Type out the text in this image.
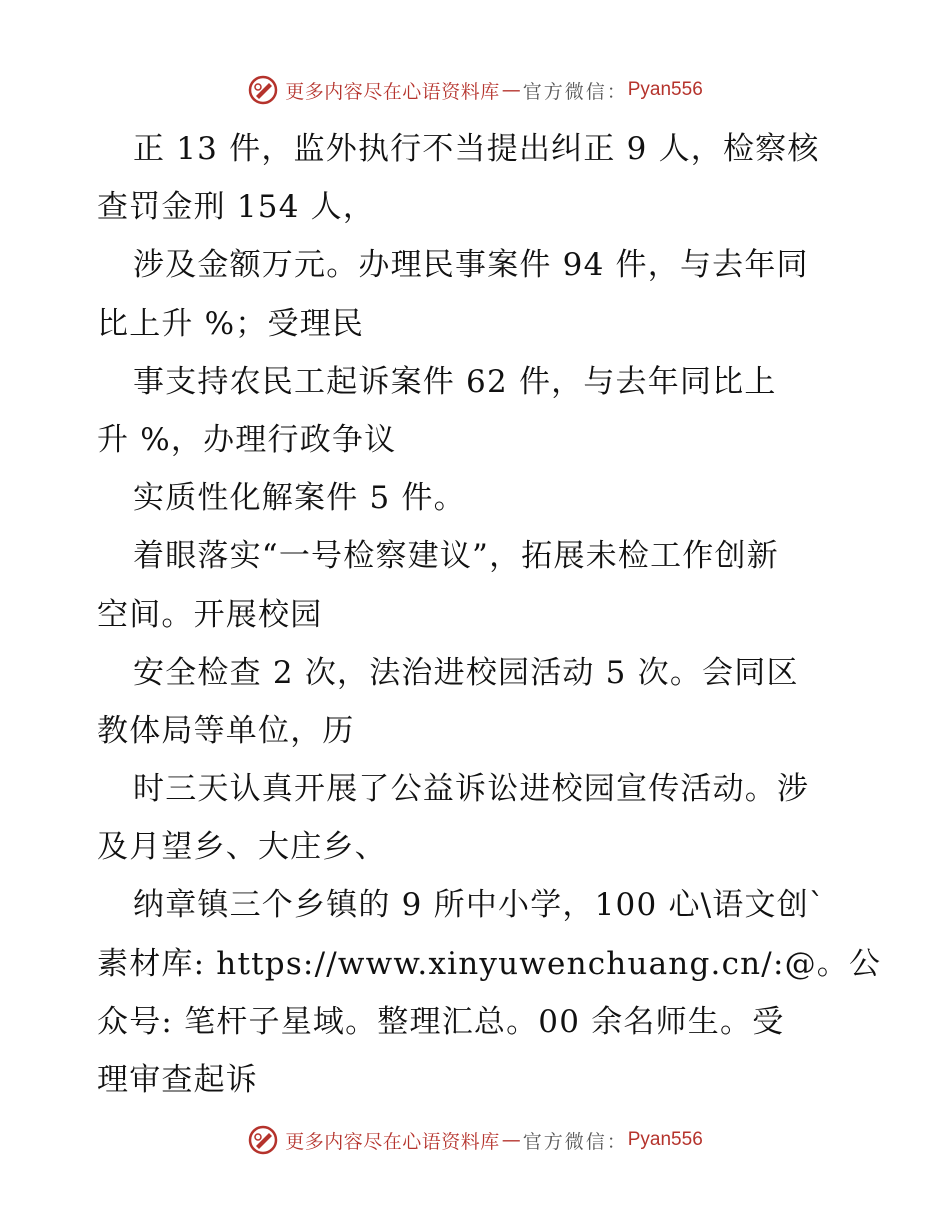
更多内容尽在心语资料库 — 官方微信： Pyan556
正 13 件，监外执行不当提出纠正 9 人，检察核
查罚金刑 154 人，
涉及金额万元。办理民事案件 94 件，与去年同
比上升 %；受理民
事支持农民工起诉案件 62 件，与去年同比上
升 %，办理行政争议
实质性化解案件 5 件。
着眼落实“一号检察建议”，拓展未检工作创新
空间。开展校园
安全检查 2 次，法治进校园活动 5 次。会同区
教体局等单位，历
时三天认真开展了公益诉讼进校园宣传活动。涉
及月望乡、大庄乡、
纳章镇三个乡镇的 9 所中小学，100 心\语文创`
素材库: https://www.xinyuwenchuang.cn/:@。公
众号: 笔杆子星域。整理汇总。00 余名师生。受
理审查起诉
更多内容尽在心语资料库 — 官方微信： Pyan556
